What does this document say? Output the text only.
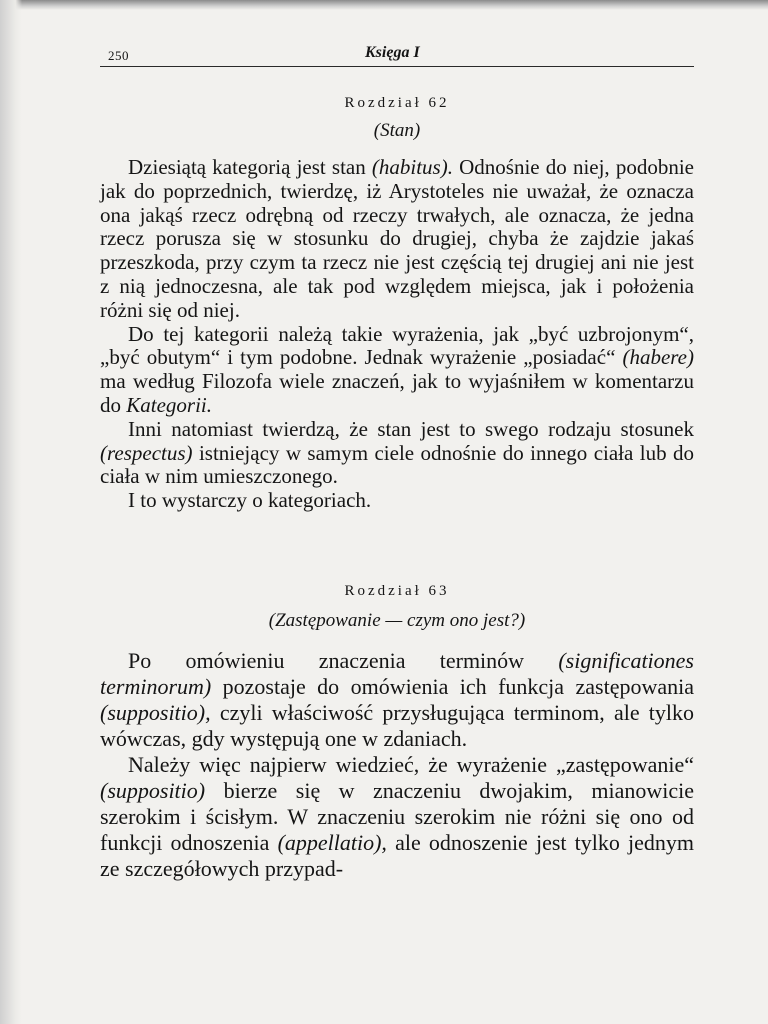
250	Księga I
Rozdział 62
(Stan)

Dziesiątą kategorią jest stan (habitus). Odnośnie do niej, podobnie jak do poprzednich, twierdzę, iż Arystoteles nie uważał, że oznacza ona jakąś rzecz odrębną od rzeczy trwałych, ale oznacza, że jedna rzecz porusza się w stosunku do drugiej, chyba że zajdzie jakaś przeszkoda, przy czym ta rzecz nie jest częścią tej drugiej ani nie jest z nią jednoczesna, ale tak pod względem miejsca, jak i położenia różni się od niej.

Do tej kategorii należą takie wyrażenia, jak „być uzbrojonym“, „być obutym“ i tym podobne. Jednak wyrażenie „posiadać“ (habere) ma według Filozofa wiele znaczeń, jak to wyjaśniłem w komentarzu do Kategorii.

Inni natomiast twierdzą, że stan jest to swego rodzaju stosunek (respectus) istniejący w samym ciele odnośnie do innego ciała lub do ciała w nim umieszczonego.

I to wystarczy o kategoriach.

Rozdział 63
(Zastępowanie — czym ono jest?)

Po omówieniu znaczenia terminów (significationes terminorum) pozostaje do omówienia ich funkcja zastępowania (suppositio), czyli właściwość przysługująca terminom, ale tylko wówczas, gdy występują one w zdaniach.

Należy więc najpierw wiedzieć, że wyrażenie „zastępowanie“ (suppositio) bierze się w znaczeniu dwojakim, mianowicie szerokim i ścisłym. W znaczeniu szerokim nie różni się ono od funkcji odnoszenia (appellatio), ale odnoszenie jest tylko jednym ze szczegółowych przypad-
